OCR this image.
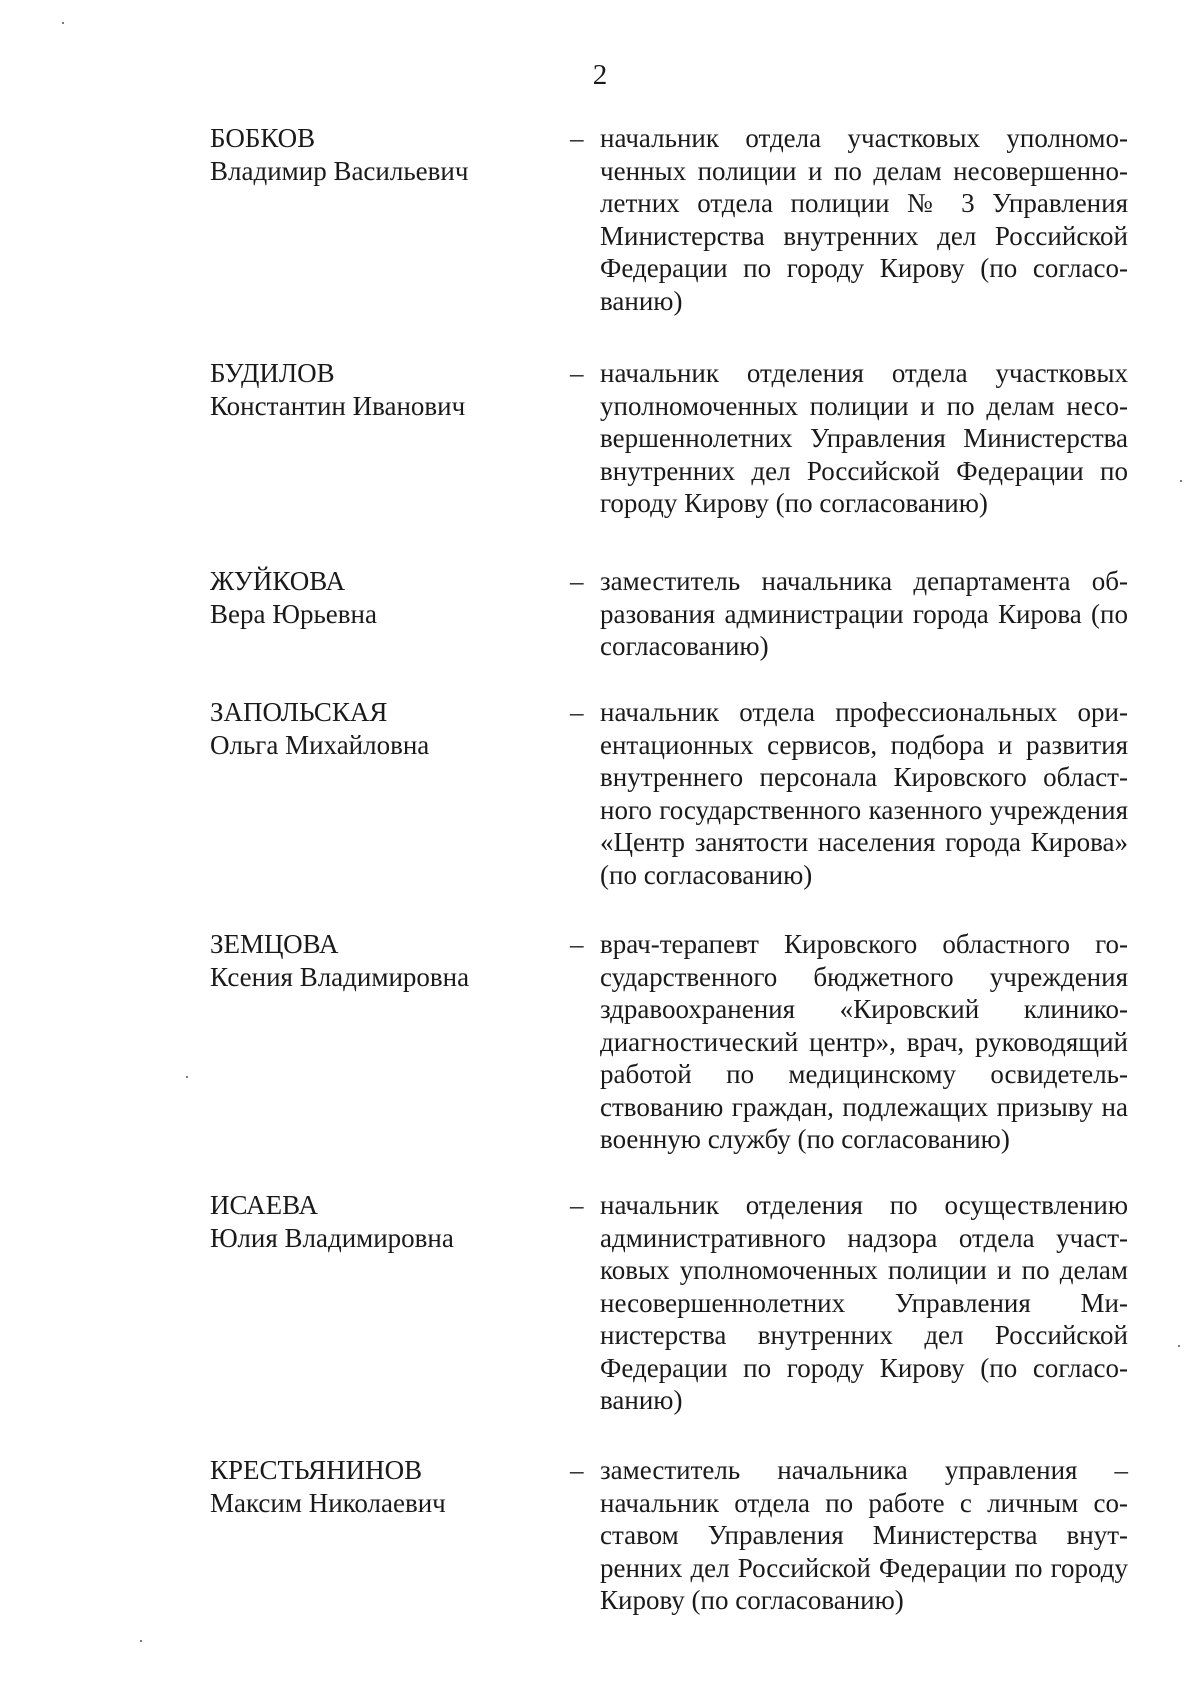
2
БОБКОВ
Владимир Васильевич
– начальник отдела участковых уполномоченных полиции и по делам несовершеннолетних отдела полиции № 3 Управления Министерства внутренних дел Российской Федерации по городу Кирову (по согласованию)
БУДИЛОВ
Константин Иванович
– начальник отделения отдела участковых уполномоченных полиции и по делам несовершеннолетних Управления Министерства внутренних дел Российской Федерации по городу Кирову (по согласованию)
ЖУЙКОВА
Вера Юрьевна
– заместитель начальника департамента образования администрации города Кирова (по согласованию)
ЗАПОЛЬСКАЯ
Ольга Михайловна
– начальник отдела профессиональных ориентационных сервисов, подбора и развития внутреннего персонала Кировского областного государственного казенного учреждения «Центр занятости населения города Кирова» (по согласованию)
ЗЕМЦОВА
Ксения Владимировна
– врач-терапевт Кировского областного государственного бюджетного учреждения здравоохранения «Кировский клинико-диагностический центр», врач, руководящий работой по медицинскому освидетельствованию граждан, подлежащих призыву на военную службу (по согласованию)
ИСАЕВА
Юлия Владимировна
– начальник отделения по осуществлению административного надзора отдела участковых уполномоченных полиции и по делам несовершеннолетних Управления Министерства внутренних дел Российской Федерации по городу Кирову (по согласованию)
КРЕСТЬЯНИНОВ
Максим Николаевич
– заместитель начальника управления – начальник отдела по работе с личным составом Управления Министерства внутренних дел Российской Федерации по городу Кирову (по согласованию)
